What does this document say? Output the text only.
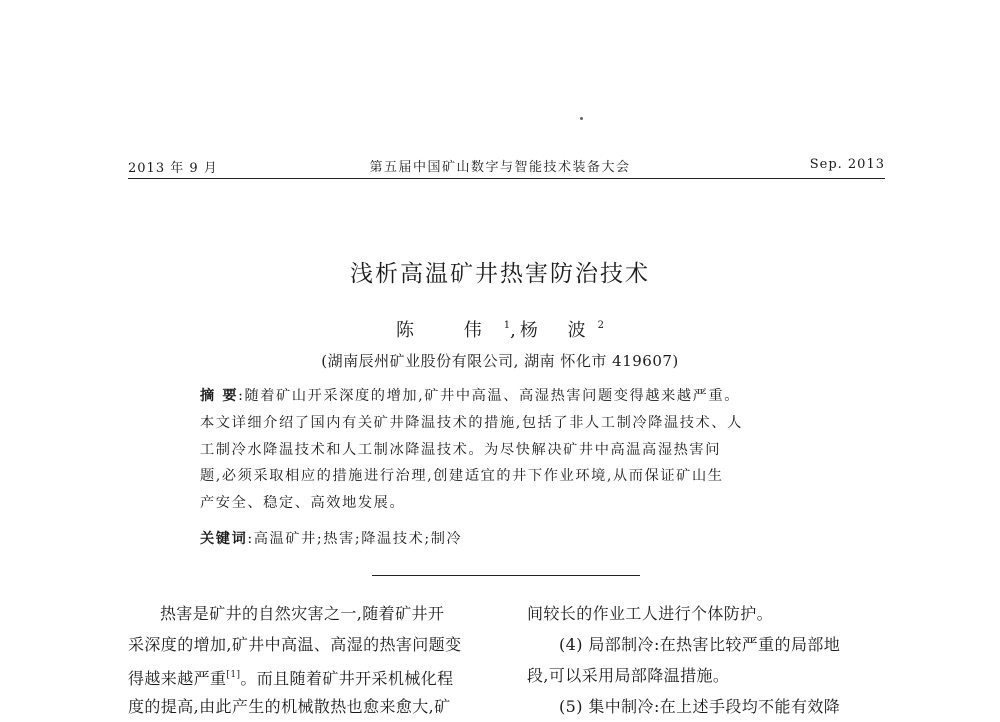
2013 年 9 月	第五届中国矿山数字与智能技术装备大会	Sep. 2013
浅析高温矿井热害防治技术
陈 伟$^1$, 杨 波$^2$
(湖南辰州矿业股份有限公司, 湖南 怀化市 419607)
摘 要:随着矿山开采深度的增加,矿井中高温、高湿热害问题变得越来越严重。
本文详细介绍了国内有关矿井降温技术的措施,包括了非人工制冷降温技术、人
工制冷水降温技术和人工制冰降温技术。为尽快解决矿井中高温高湿热害问
题,必须采取相应的措施进行治理,创建适宜的井下作业环境,从而保证矿山生
产安全、稳定、高效地发展。
关键词:高温矿井;热害;降温技术;制冷
热害是矿井的自然灾害之一,随着矿井开
采深度的增加,矿井中高温、高湿的热害问题变
得越来越严重[1]。而且随着矿井开采机械化程
度的提高,由此产生的机械散热也愈来愈大,矿
间较长的作业工人进行个体防护。
(4) 局部制冷:在热害比较严重的局部地
段,可以采用局部降温措施。
(5) 集中制冷:在上述手段均不能有效降
